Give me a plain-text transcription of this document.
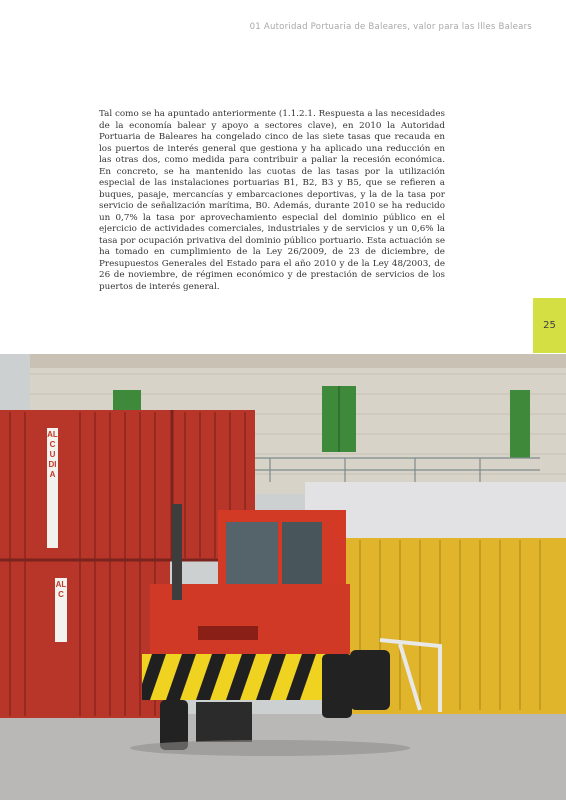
01 Autoridad Portuaria de Baleares, valor para las Illes Balears

Tal como se ha apuntado anteriormente (1.1.2.1. Respuesta a las necesidades de la economía balear y apoyo a sectores clave), en 2010 la Autoridad Portuaria de Baleares ha congelado cinco de las siete tasas que recauda en los puertos de interés general que gestiona y ha aplicado una reducción en las otras dos, como medida para contribuir a paliar la recesión económica. En concreto, se ha mantenido las cuotas de las tasas por la utilización especial de las instalaciones portuarias B1, B2, B3 y B5, que se refieren a buques, pasaje, mercancías y embarcaciones deportivas, y la de la tasa por servicio de señalización marítima, B0. Además, durante 2010 se ha reducido un 0,7% la tasa por aprovechamiento especial del dominio público en el ejercicio de actividades comerciales, industriales y de servicios y un 0,6% la tasa por ocupación privativa del dominio público portuario. Esta actuación se ha tomado en cumplimiento de la Ley 26/2009, de 23 de diciembre, de Presupuestos Generales del Estado para el año 2010 y de la Ley 48/2003, de 26 de noviembre, de régimen económico y de prestación de servicios de los puertos de interés general.

25
ALCUDIA
ALC
